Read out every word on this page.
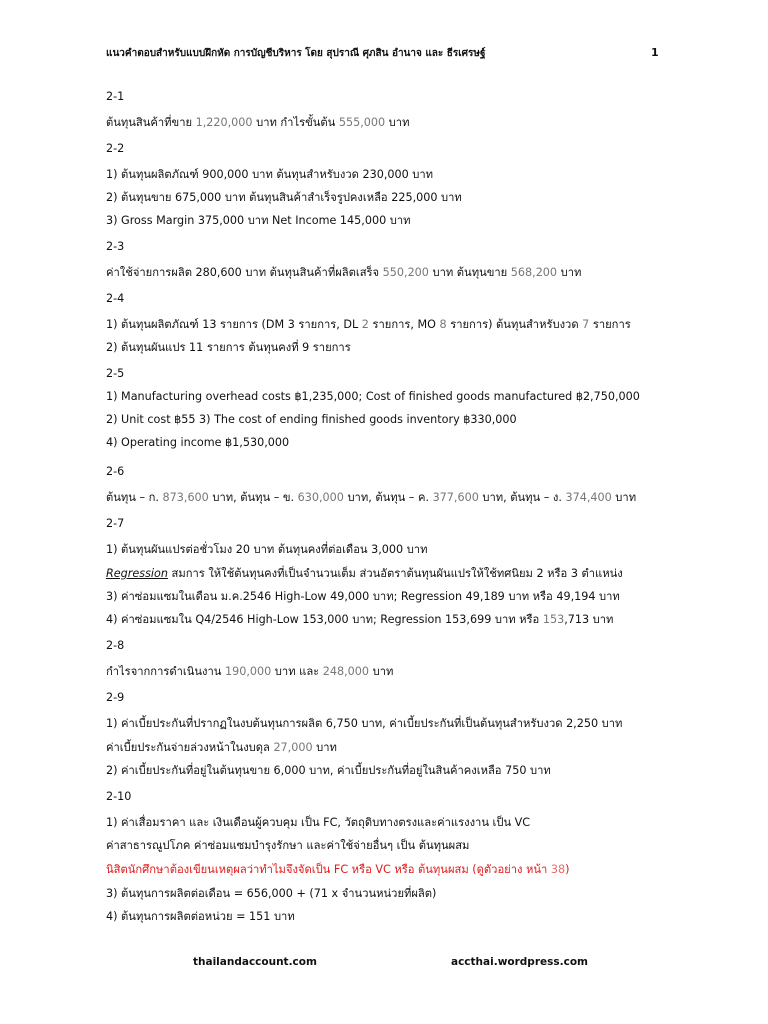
แนวคำตอบสำหรับแบบฝึกหัด การบัญชีบริหาร โดย สุปราณี ศุภสิน อำนาจ และ ธีรเศรษฐ์	1
2-1
ต้นทุนสินค้าที่ขาย 1,220,000 บาท กำไรขั้นต้น 555,000 บาท
2-2
1) ต้นทุนผลิตภัณฑ์ 900,000 บาท ต้นทุนสำหรับงวด 230,000 บาท
2) ต้นทุนขาย 675,000 บาท ต้นทุนสินค้าสำเร็จรูปคงเหลือ 225,000 บาท
3) Gross Margin 375,000 บาท Net Income 145,000 บาท
2-3
ค่าใช้จ่ายการผลิต 280,600 บาท ต้นทุนสินค้าที่ผลิตเสร็จ 550,200 บาท ต้นทุนขาย 568,200 บาท
2-4
1) ต้นทุนผลิตภัณฑ์ 13 รายการ (DM 3 รายการ, DL 2 รายการ, MO 8 รายการ) ต้นทุนสำหรับงวด 7 รายการ
2) ต้นทุนผันแปร 11 รายการ ต้นทุนคงที่ 9 รายการ
2-5
1) Manufacturing overhead costs ฿1,235,000; Cost of finished goods manufactured ฿2,750,000
2) Unit cost ฿55 3) The cost of ending finished goods inventory ฿330,000
4) Operating income ฿1,530,000
2-6
ต้นทุน – ก. 873,600 บาท, ต้นทุน – ข. 630,000 บาท, ต้นทุน – ค. 377,600 บาท, ต้นทุน – ง. 374,400 บาท
2-7
1) ต้นทุนผันแปรต่อชั่วโมง 20 บาท ต้นทุนคงที่ต่อเดือน 3,000 บาท
Regression สมการ ให้ใช้ต้นทุนคงที่เป็นจำนวนเต็ม ส่วนอัตราต้นทุนผันแปรให้ใช้ทศนิยม 2 หรือ 3 ตำแหน่ง
3) ค่าซ่อมแซมในเดือน ม.ค.2546 High-Low 49,000 บาท; Regression 49,189 บาท หรือ 49,194 บาท
4) ค่าซ่อมแซมใน Q4/2546 High-Low 153,000 บาท; Regression 153,699 บาท หรือ 153,713 บาท
2-8
กำไรจากการดำเนินงาน 190,000 บาท และ 248,000 บาท
2-9
1) ค่าเบี้ยประกันที่ปรากฏในงบต้นทุนการผลิต 6,750 บาท, ค่าเบี้ยประกันที่เป็นต้นทุนสำหรับงวด 2,250 บาท
ค่าเบี้ยประกันจ่ายล่วงหน้าในงบดุล 27,000 บาท
2) ค่าเบี้ยประกันที่อยู่ในต้นทุนขาย 6,000 บาท, ค่าเบี้ยประกันที่อยู่ในสินค้าคงเหลือ 750 บาท
2-10
1) ค่าเสื่อมราคา และ เงินเดือนผู้ควบคุม เป็น FC, วัตถุดิบทางตรงและค่าแรงงาน เป็น VC
ค่าสาธารณูปโภค ค่าซ่อมแซมบำรุงรักษา และค่าใช้จ่ายอื่นๆ เป็น ต้นทุนผสม
นิสิตนักศึกษาต้องเขียนเหตุผลว่าทำไมจึงจัดเป็น FC หรือ VC หรือ ต้นทุนผสม (ดูตัวอย่าง หน้า 38)
3) ต้นทุนการผลิตต่อเดือน = 656,000 + (71 x จำนวนหน่วยที่ผลิต)
4) ต้นทุนการผลิตต่อหน่วย = 151 บาท
thailandaccount.com	accthai.wordpress.com
